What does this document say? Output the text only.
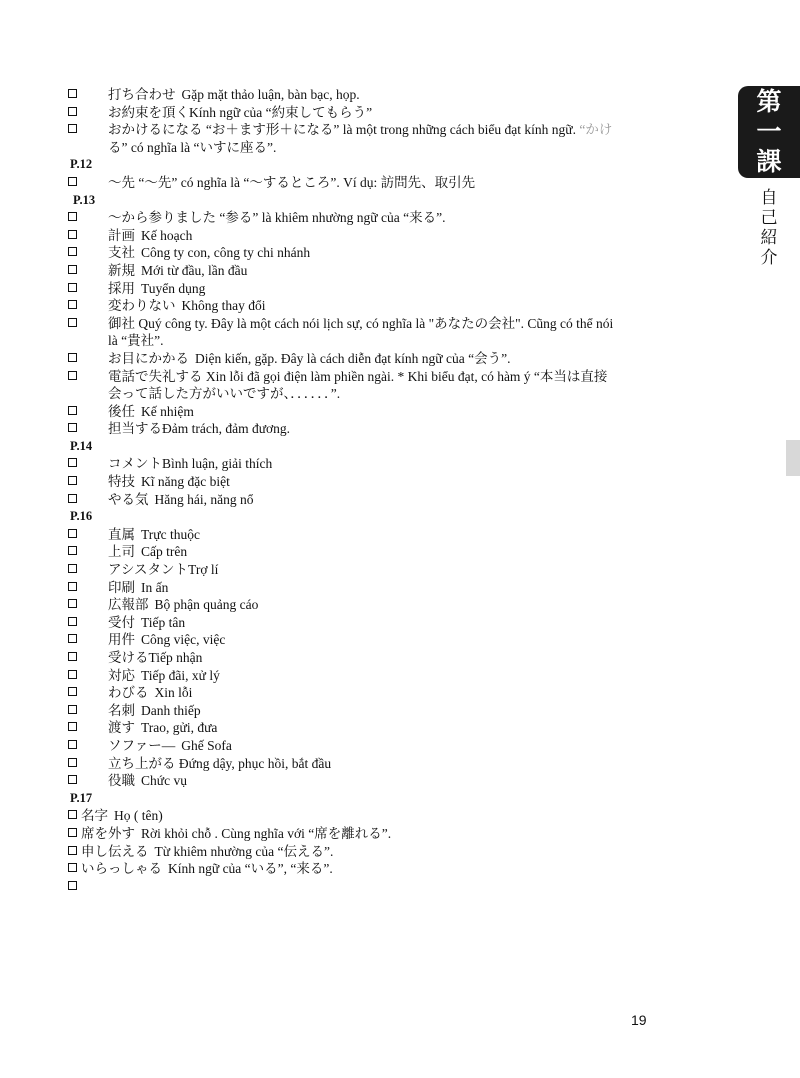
打ち合わせ Gặp mặt thảo luận, bàn bạc, họp.
お約束を頂くKính ngữ của “約束してもらう”
おかけるになる “お＋ます形＋になる” là một trong những cách biểu đạt kính ngữ. “かけ
る” có nghĩa là “いすに座る”.
P.12
～先 “～先” có nghĩa là “～するところ”. Ví dụ: 訪問先、取引先
P.13
～から参りました “参る” là khiêm nhường ngữ của “来る”.
計画 Kế hoạch
支社 Công ty con, công ty chi nhánh
新規 Mới từ đầu, lần đầu
採用 Tuyển dụng
変わりない Không thay đổi
御社 Quý công ty. Đây là một cách nói lịch sự, có nghĩa là "あなたの会社". Cũng có thể nói
là “貴社”.
お目にかかる Diện kiến, gặp. Đây là cách diễn đạt kính ngữ của “会う”.
電話で失礼する Xin lỗi đã gọi điện làm phiền ngài. * Khi biểu đạt, có hàm ý “本当は直接
会って話した方がいいですが、．．．．．．”.
後任 Kế nhiệm
担当するĐảm trách, đảm đương.
P.14
コメントBình luận, giải thích
特技 Kĩ năng đặc biệt
やる気 Hăng hái, năng nổ
P.16
直属 Trực thuộc
上司 Cấp trên
アシスタントTrợ lí
印刷 In ấn
広報部 Bộ phận quảng cáo
受付 Tiếp tân
用件 Công việc, việc
受けるTiếp nhận
対応 Tiếp đãi, xử lý
わびる Xin lỗi
名刺 Danh thiếp
渡す Trao, gửi, đưa
ソファー— Ghế Sofa
立ち上がる Đứng dậy, phục hồi, bắt đầu
役職 Chức vụ
P.17
名字 Họ ( tên)
席を外す Rời khỏi chỗ . Cùng nghĩa với “席を離れる”.
申し伝える Từ khiêm nhường của “伝える”.
いらっしゃる Kính ngữ của “いる”, “来る”.
第
一
課
自
己
紹
介
19
